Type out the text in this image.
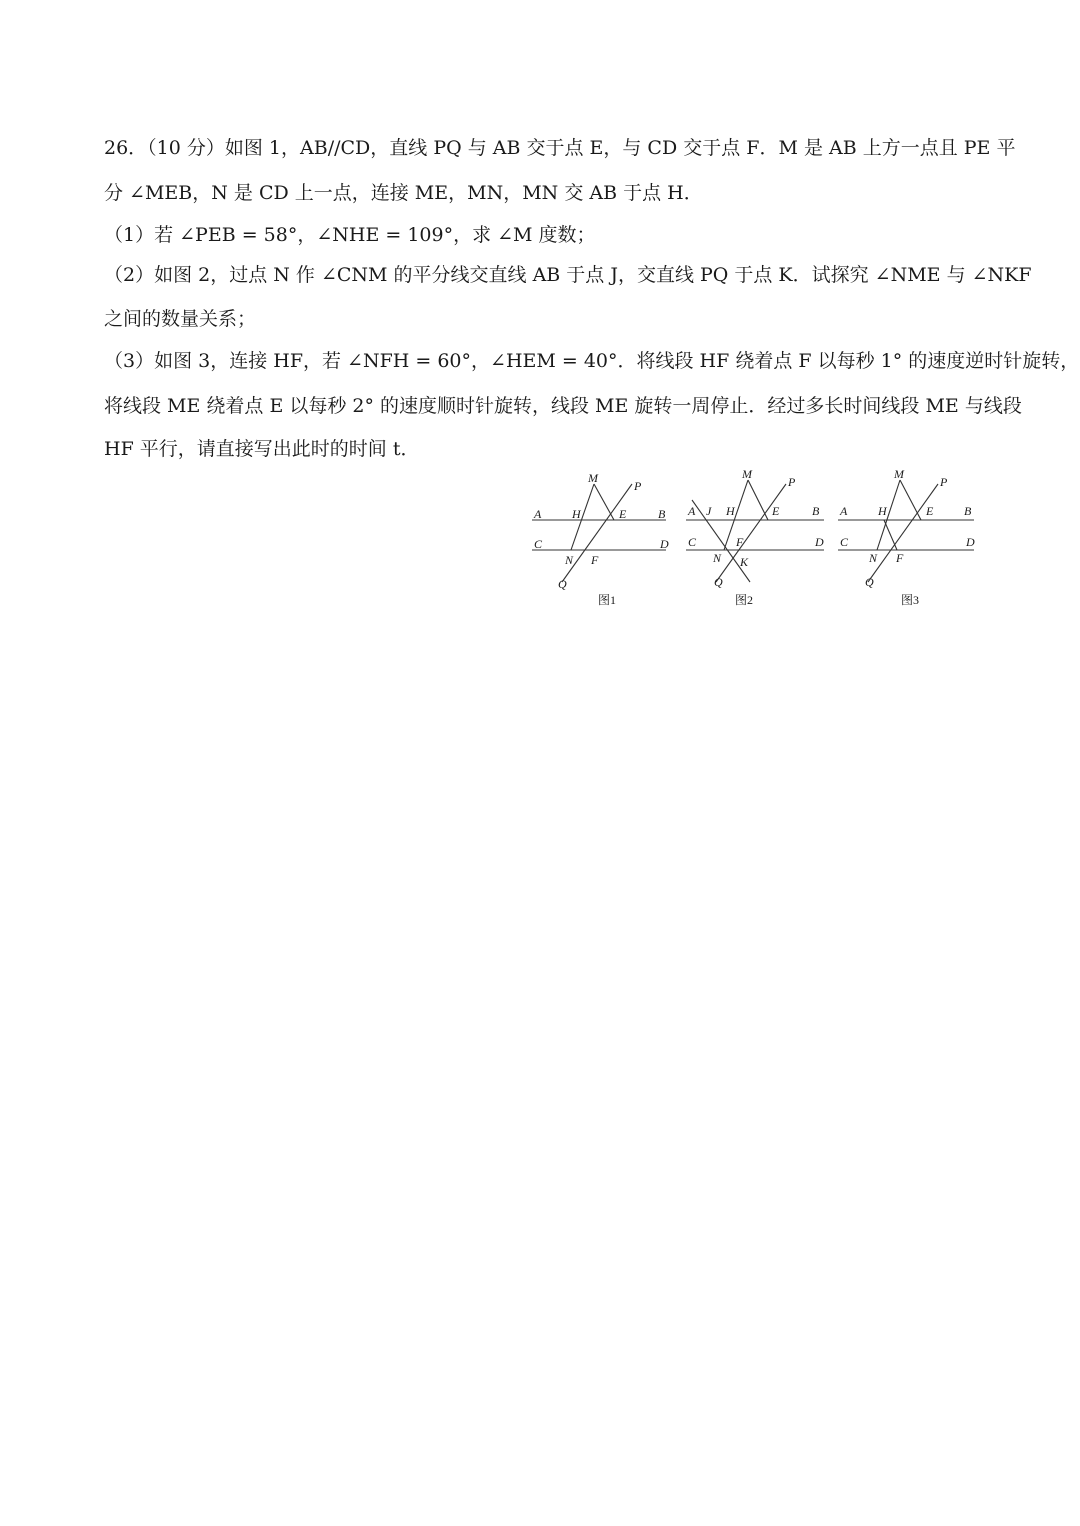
26．（10 分）如图 1，AB//CD，直线 PQ 与 AB 交于点 E，与 CD 交于点 F．M 是 AB 上方一点且 PE 平
分 ∠MEB，N 是 CD 上一点，连接 ME，MN，MN 交 AB 于点 H．
（1）若 ∠PEB = 58°，∠NHE = 109°，求 ∠M 度数；
（2）如图 2，过点 N 作 ∠CNM 的平分线交直线 AB 于点 J，交直线 PQ 于点 K．试探究 ∠NME 与 ∠NKF
之间的数量关系；
（3）如图 3，连接 HF，若 ∠NFH = 60°，∠HEM = 40°．将线段 HF 绕着点 F 以每秒 1° 的速度逆时针旋转，
将线段 ME 绕着点 E 以每秒 2° 的速度顺时针旋转，线段 ME 旋转一周停止．经过多长时间线段 ME 与线段
HF 平行，请直接写出此时的时间 t．
M
P
A	H	E	B
C	D
N F
Q
图1
M
P
A J H	E	B
C	D
F
N K
Q
图2
M
P
A	H	E	B
C	D
N F
Q
图3
